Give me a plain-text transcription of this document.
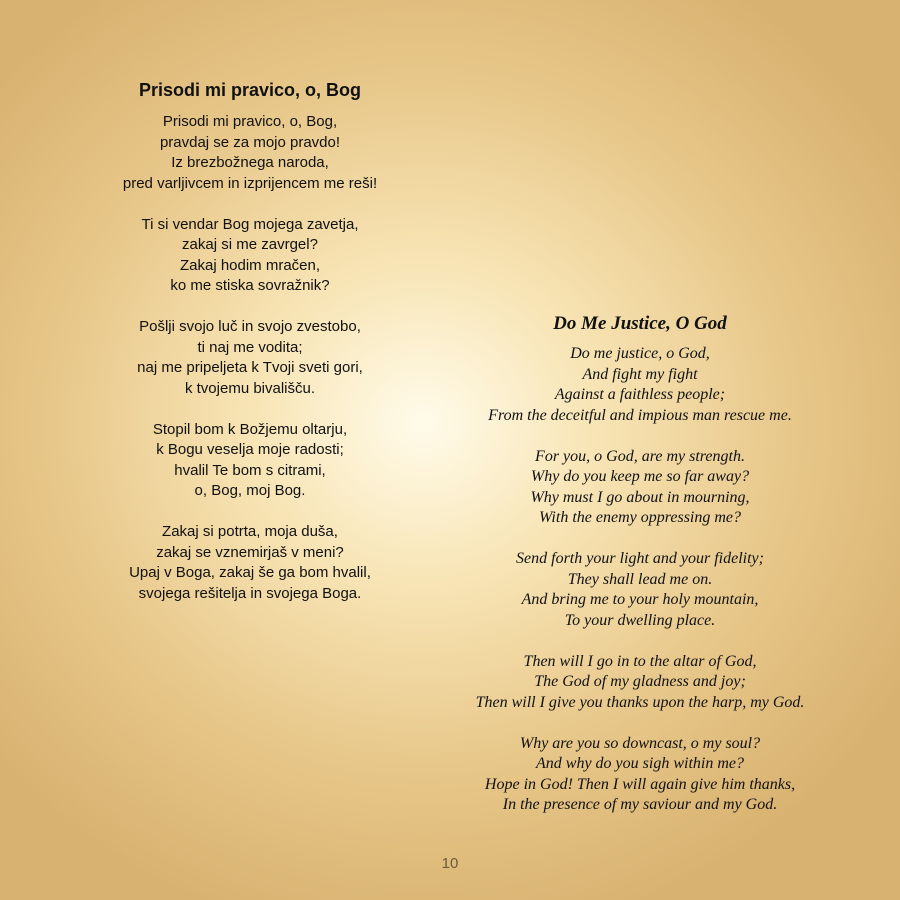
Prisodi mi pravico, o, Bog
Prisodi mi pravico, o, Bog,
pravdaj se za mojo pravdo!
Iz brezbožnega naroda,
pred varljivcem in izprijencem me reši!
Ti si vendar Bog mojega zavetja,
zakaj si me zavrgel?
Zakaj hodim mračen,
ko me stiska sovražnik?
Pošlji svojo luč in svojo zvestobo,
ti naj me vodita;
naj me pripeljeta k Tvoji sveti gori,
k tvojemu bivališču.
Stopil bom k Božjemu oltarju,
k Bogu veselja moje radosti;
hvalil Te bom s citrami,
o, Bog, moj Bog.
Zakaj si potrta, moja duša,
zakaj se vznemirjaš v meni?
Upaj v Boga, zakaj še ga bom hvalil,
svojega rešitelja in svojega Boga.
Do Me Justice, O God
Do me justice, o God,
And fight my fight
Against a faithless people;
From the deceitful and impious man rescue me.
For you, o God, are my strength.
Why do you keep me so far away?
Why must I go about in mourning,
With the enemy oppressing me?
Send forth your light and your fidelity;
They shall lead me on.
And bring me to your holy mountain,
To your dwelling place.
Then will I go in to the altar of God,
The God of my gladness and joy;
Then will I give you thanks upon the harp, my God.
Why are you so downcast, o my soul?
And why do you sigh within me?
Hope in God! Then I will again give him thanks,
In the presence of my saviour and my God.
10
